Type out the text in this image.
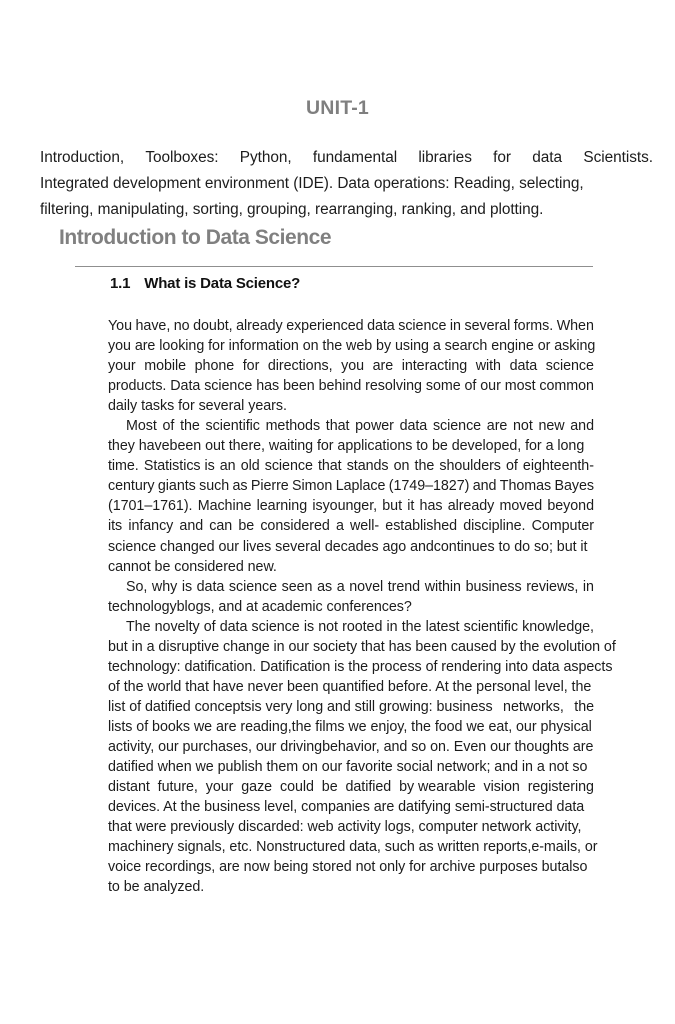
UNIT-1
Introduction, Toolboxes: Python, fundamental libraries for data Scientists.
Integrated development environment (IDE). Data operations: Reading, selecting,
filtering, manipulating, sorting, grouping, rearranging, ranking, and plotting.
Introduction to Data Science
1.1 What is Data Science?

You have, no doubt, already experienced data science in several forms. When
you are looking for information on the web by using a search engine or asking
your mobile phone for directions, you are interacting with data science
products. Data science has been behind resolving some of our most common
daily tasks for several years.

Most of the scientific methods that power data science are not new and
they havebeen out there, waiting for applications to be developed, for a long
time. Statistics is an old science that stands on the shoulders of eighteenth-
century giants such as Pierre Simon Laplace (1749–1827) and Thomas Bayes
(1701–1761). Machine learning isyounger, but it has already moved beyond
its infancy and can be considered a well- established discipline. Computer
science changed our lives several decades ago andcontinues to do so; but it
cannot be considered new.

So, why is data science seen as a novel trend within business reviews, in
technologyblogs, and at academic conferences?

The novelty of data science is not rooted in the latest scientific knowledge,
but in a disruptive change in our society that has been caused by the evolution of
technology: datification. Datification is the process of rendering into data aspects
of the world that have never been quantified before. At the personal level, the
list of datified conceptsis very long and still growing: business networks, the
lists of books we are reading,the films we enjoy, the food we eat, our physical
activity, our purchases, our drivingbehavior, and so on. Even our thoughts are
datified when we publish them on our favorite social network; and in a not so
distant future, your gaze could be datified by wearable vision registering
devices. At the business level, companies are datifying semi-structured data
that were previously discarded: web activity logs, computer network activity,
machinery signals, etc. Nonstructured data, such as written reports,e-mails, or
voice recordings, are now being stored not only for archive purposes butalso
to be analyzed.
